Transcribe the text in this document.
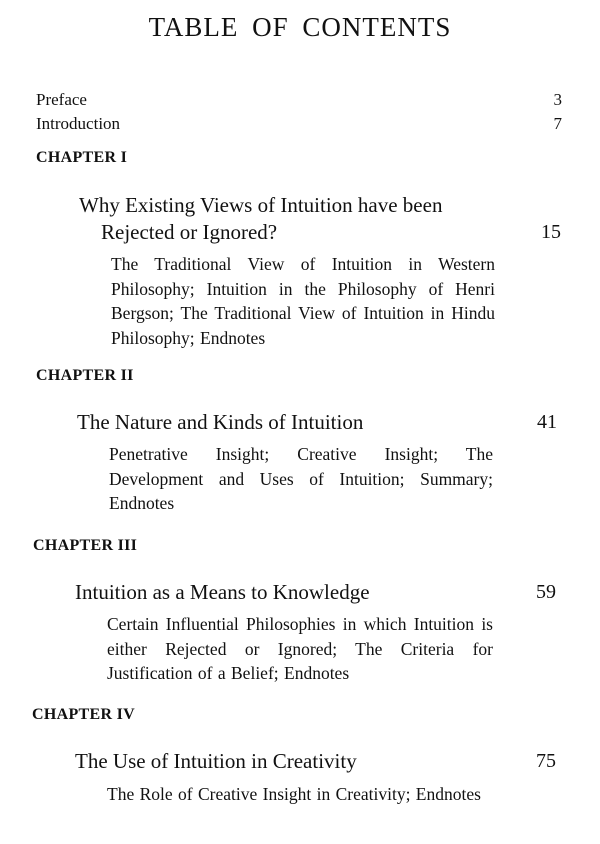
TABLE OF CONTENTS
Preface	3
Introduction	7
CHAPTER I
Why Existing Views of Intuition have been
Rejected or Ignored?	15
The Traditional View of Intuition in Western Philosophy; Intuition in the Philosophy of Henri Bergson; The Traditional View of Intuition in Hindu Philosophy; Endnotes
CHAPTER II
The Nature and Kinds of Intuition	41
Penetrative Insight; Creative Insight; The Development and Uses of Intuition; Summary; Endnotes
CHAPTER III
Intuition as a Means to Knowledge	59
Certain Influential Philosophies in which Intuition is either Rejected or Ignored; The Criteria for Justification of a Belief; Endnotes
CHAPTER IV
The Use of Intuition in Creativity	75
The Role of Creative Insight in Creativity; Endnotes
